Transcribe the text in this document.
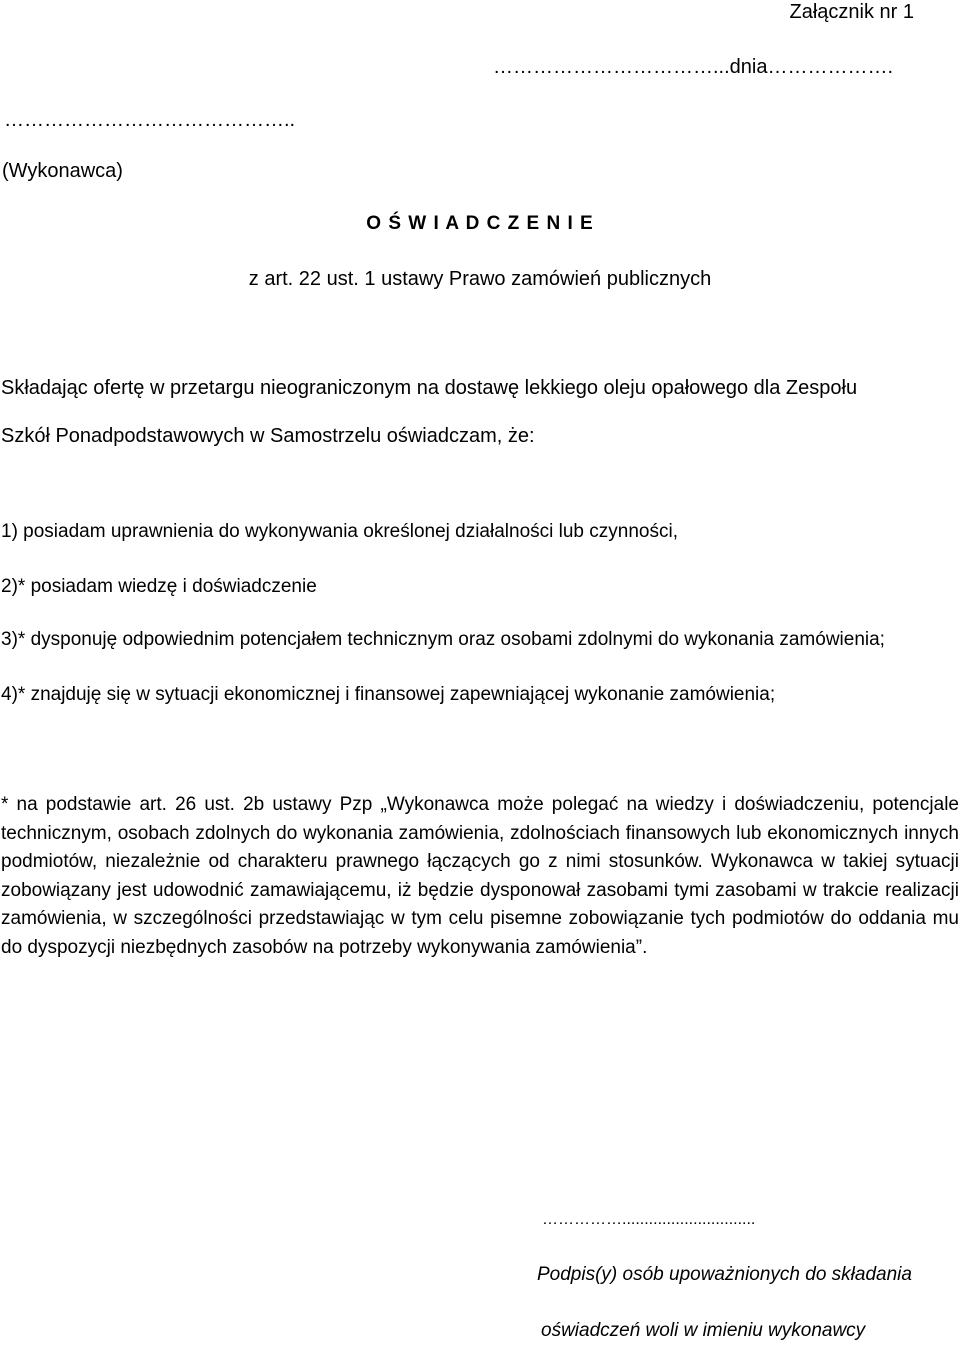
Załącznik nr 1
……………………………...dnia……………….
……………………………………..
(Wykonawca)
O Ś W I A D C Z E N I E
z art. 22 ust. 1 ustawy Prawo zamówień publicznych
Składając ofertę w przetargu nieograniczonym na dostawę lekkiego oleju opałowego dla Zespołu
Szkół Ponadpodstawowych w Samostrzelu oświadczam, że:
1) posiadam uprawnienia do wykonywania określonej działalności lub czynności,
2)* posiadam wiedzę i doświadczenie
3)* dysponuję odpowiednim potencjałem technicznym oraz osobami zdolnymi do wykonania zamówienia;
4)* znajduję się w sytuacji ekonomicznej i finansowej zapewniającej wykonanie zamówienia;
* na podstawie art. 26 ust. 2b ustawy Pzp „Wykonawca może polegać na wiedzy i doświadczeniu, potencjale technicznym, osobach zdolnych do wykonania zamówienia, zdolnościach finansowych lub ekonomicznych innych podmiotów, niezależnie od charakteru prawnego łączących go z nimi stosunków. Wykonawca w takiej sytuacji zobowiązany jest udowodnić zamawiającemu, iż będzie dysponował zasobami tymi zasobami w trakcie realizacji zamówienia, w szczególności przedstawiając w tym celu pisemne zobowiązanie tych podmiotów do oddania mu do dyspozycji niezbędnych zasobów na potrzeby wykonywania zamówienia”.
……………..............................
Podpis(y) osób upoważnionych do składania
oświadczeń woli w imieniu wykonawcy
